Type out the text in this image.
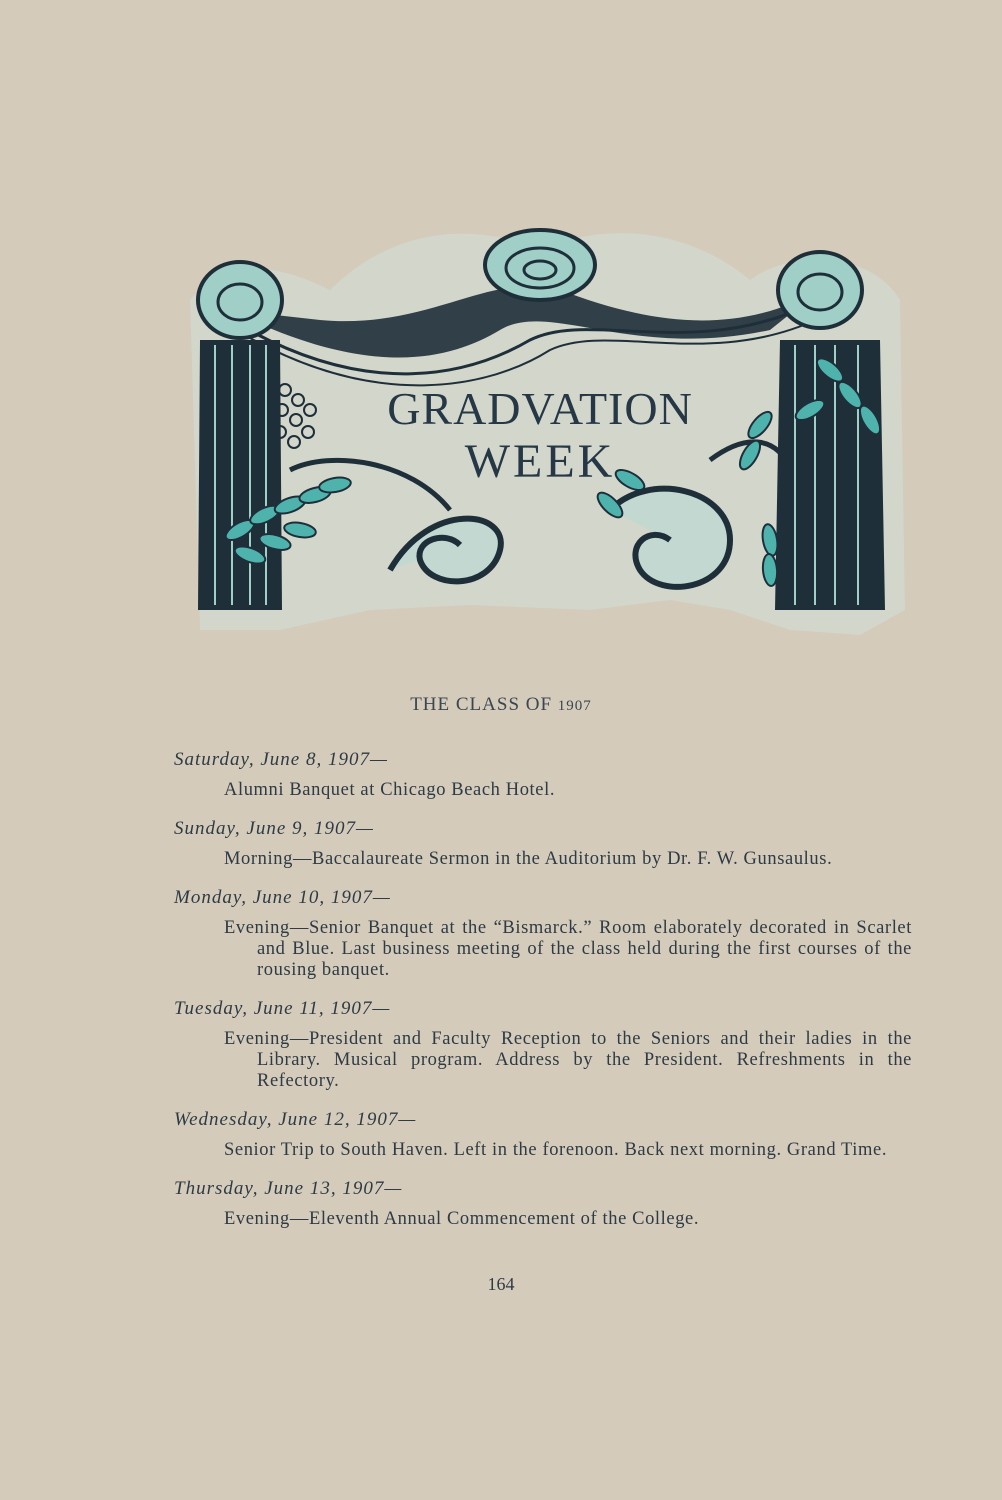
GRADVATION
WEEK
THE CLASS OF 1907
Saturday, June 8, 1907—
Alumni Banquet at Chicago Beach Hotel.
Sunday, June 9, 1907—
Morning—Baccalaureate Sermon in the Auditorium by Dr. F. W. Gunsaulus.
Monday, June 10, 1907—
Evening—Senior Banquet at the “Bismarck.” Room elaborately decorated in Scarlet and Blue. Last business meeting of the class held during the first courses of the rousing banquet.
Tuesday, June 11, 1907—
Evening—President and Faculty Reception to the Seniors and their ladies in the Library. Musical program. Address by the President. Refreshments in the Refectory.
Wednesday, June 12, 1907—
Senior Trip to South Haven. Left in the forenoon. Back next morning. Grand Time.
Thursday, June 13, 1907—
Evening—Eleventh Annual Commencement of the College.
164
